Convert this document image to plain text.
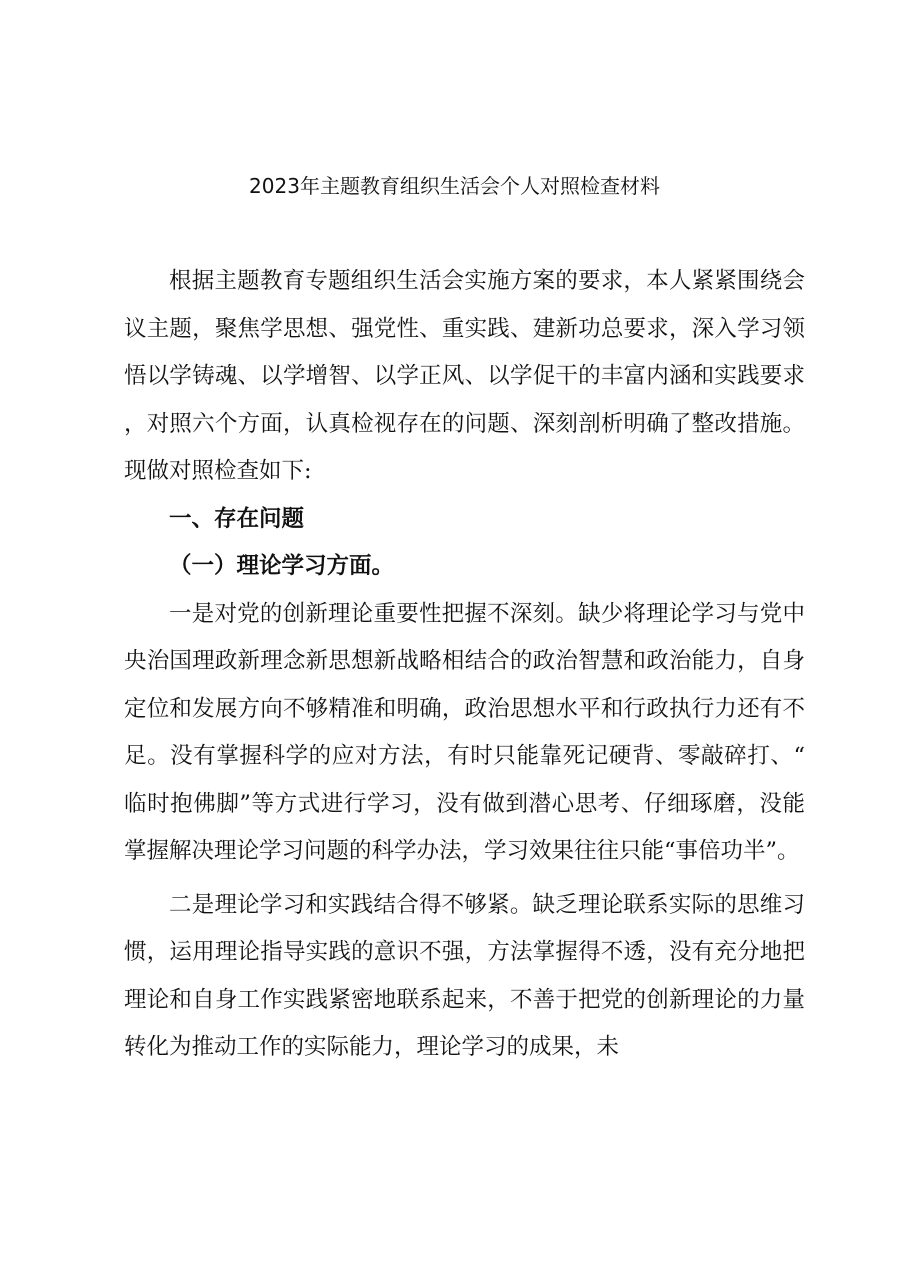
2023年主题教育组织生活会个人对照检查材料

根据主题教育专题组织生活会实施方案的要求，本人紧紧围绕会议主题，聚焦学思想、强党性、重实践、建新功总要求，深入学习领悟以学铸魂、以学增智、以学正风、以学促干的丰富内涵和实践要求，对照六个方面，认真检视存在的问题、深刻剖析明确了整改措施。现做对照检查如下:

一、存在问题

（一）理论学习方面。

一是对党的创新理论重要性把握不深刻。缺少将理论学习与党中央治国理政新理念新思想新战略相结合的政治智慧和政治能力，自身定位和发展方向不够精准和明确，政治思想水平和行政执行力还有不足。没有掌握科学的应对方法，有时只能靠死记硬背、零敲碎打、“临时抱佛脚”等方式进行学习，没有做到潜心思考、仔细琢磨，没能掌握解决理论学习问题的科学办法，学习效果往往只能“事倍功半”。

二是理论学习和实践结合得不够紧。缺乏理论联系实际的思维习惯，运用理论指导实践的意识不强，方法掌握得不透，没有充分地把理论和自身工作实践紧密地联系起来，不善于把党的创新理论的力量转化为推动工作的实际能力，理论学习的成果，未
